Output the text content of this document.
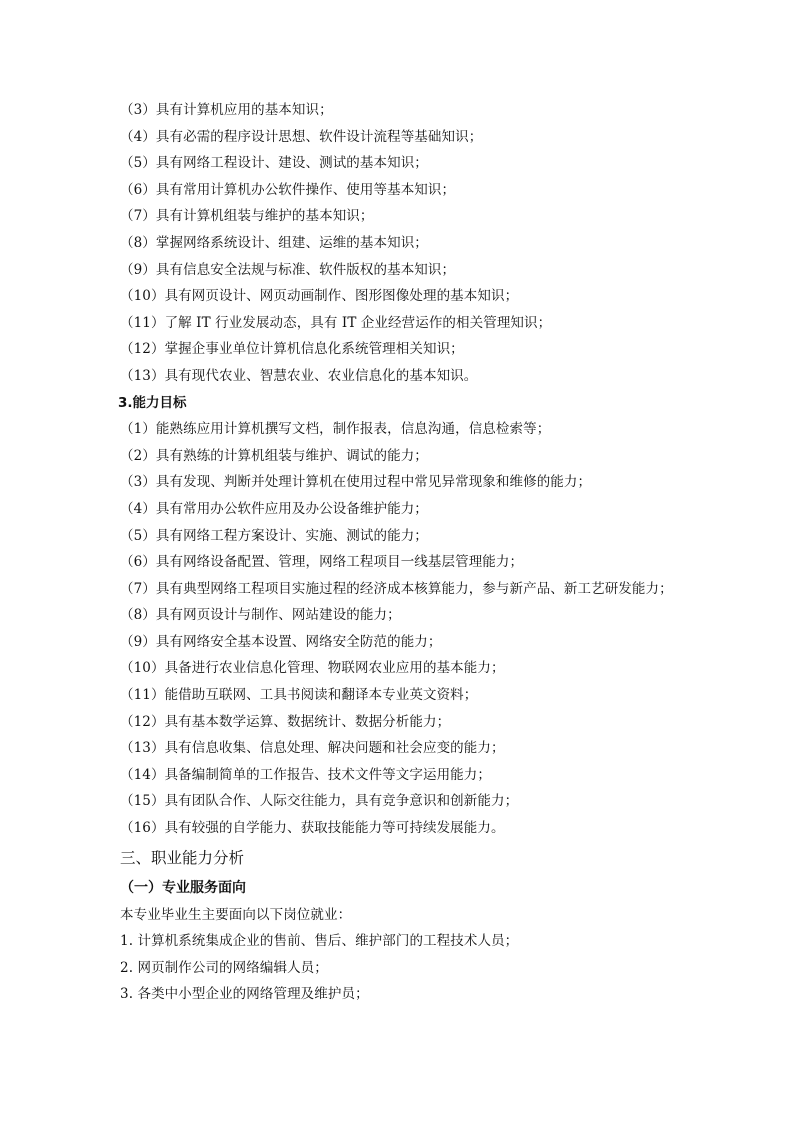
（3）具有计算机应用的基本知识；
（4）具有必需的程序设计思想、软件设计流程等基础知识；
（5）具有网络工程设计、建设、测试的基本知识；
（6）具有常用计算机办公软件操作、使用等基本知识；
（7）具有计算机组装与维护的基本知识；
（8）掌握网络系统设计、组建、运维的基本知识；
（9）具有信息安全法规与标准、软件版权的基本知识；
（10）具有网页设计、网页动画制作、图形图像处理的基本知识；
（11）了解 IT 行业发展动态，具有 IT 企业经营运作的相关管理知识；
（12）掌握企事业单位计算机信息化系统管理相关知识；
（13）具有现代农业、智慧农业、农业信息化的基本知识。
3.能力目标
（1）能熟练应用计算机撰写文档，制作报表，信息沟通，信息检索等；
（2）具有熟练的计算机组装与维护、调试的能力；
（3）具有发现、判断并处理计算机在使用过程中常见异常现象和维修的能力；
（4）具有常用办公软件应用及办公设备维护能力；
（5）具有网络工程方案设计、实施、测试的能力；
（6）具有网络设备配置、管理，网络工程项目一线基层管理能力；
（7）具有典型网络工程项目实施过程的经济成本核算能力，参与新产品、新工艺研发能力；
（8）具有网页设计与制作、网站建设的能力；
（9）具有网络安全基本设置、网络安全防范的能力；
（10）具备进行农业信息化管理、物联网农业应用的基本能力；
（11）能借助互联网、工具书阅读和翻译本专业英文资料；
（12）具有基本数学运算、数据统计、数据分析能力；
（13）具有信息收集、信息处理、解决问题和社会应变的能力；
（14）具备编制简单的工作报告、技术文件等文字运用能力；
（15）具有团队合作、人际交往能力，具有竞争意识和创新能力；
（16）具有较强的自学能力、获取技能能力等可持续发展能力。
三、职业能力分析
（一）专业服务面向
本专业毕业生主要面向以下岗位就业：
1. 计算机系统集成企业的售前、售后、维护部门的工程技术人员；
2. 网页制作公司的网络编辑人员；
3. 各类中小型企业的网络管理及维护员；
